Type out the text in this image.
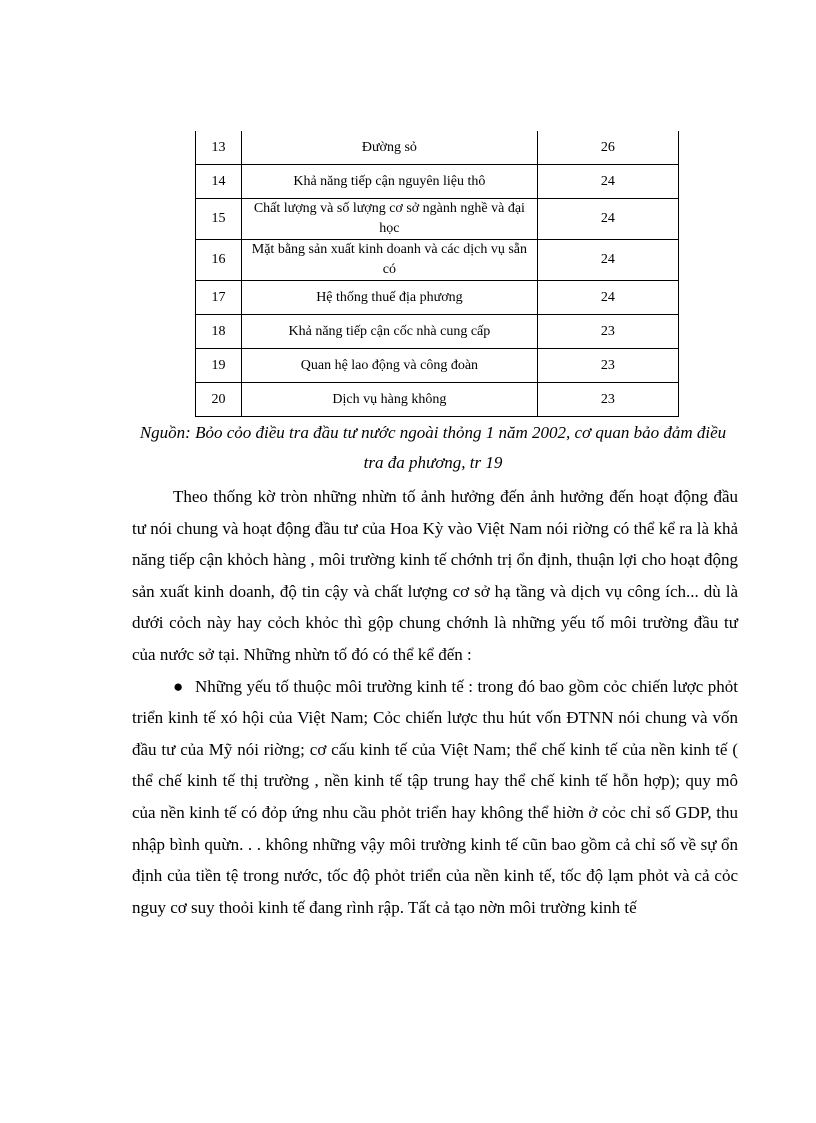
13	Đường sỏ	26
14	Khả năng tiếp cận nguyên liệu thô	24
15	Chất lượng và số lượng cơ sở ngành nghề và đại học	24
16	Mặt bằng sản xuất kinh doanh và các dịch vụ sẵn có	24
17	Hệ thống thuế địa phương	24
18	Khả năng tiếp cận cốc nhà cung cấp	23
19	Quan hệ lao động và công đoàn	23
20	Dịch vụ hàng không	23
Nguồn: Bỏo cỏo điều tra đầu tư nước ngoài thỏng 1 năm 2002, cơ quan bảo đảm điều tra đa phương, tr 19

Theo thống kờ tròn những nhừn tố ảnh hưởng đến ảnh hưởng đến hoạt động đầu tư nói chung và hoạt động đầu tư của Hoa Kỳ vào Việt Nam nói riờng có thể kể ra là khả năng tiếp cận khỏch hàng , môi trường kinh tế chớnh trị ổn định, thuận lợi cho hoạt động sản xuất kinh doanh, độ tin cậy và chất lượng cơ sở hạ tầng và dịch vụ công ích... dù là dưới cỏch này hay cỏch khỏc thì gộp chung chớnh là những yếu tố môi trường đầu tư của nước sở tại. Những nhừn tố đó có thể kể đến :

● Những yếu tố thuộc môi trường kinh tế : trong đó bao gồm cỏc chiến lược phỏt triển kinh tế xó hội của Việt Nam; Cỏc chiến lược thu hút vốn ĐTNN nói chung và vốn đầu tư của Mỹ nói riờng; cơ cấu kinh tế của Việt Nam; thể chế kinh tế của nền kinh tế ( thể chế kinh tế thị trường , nền kinh tế tập trung hay thể chế kinh tế hỗn hợp); quy mô của nền kinh tế có đỏp ứng nhu cầu phỏt triển hay không thể hiờn ở cỏc chỉ số GDP, thu nhập bình quừn. . . không những vậy môi trường kinh tế cũn bao gồm cả chỉ số về sự ổn định của tiền tệ trong nước, tốc độ phỏt triển của nền kinh tế, tốc độ lạm phỏt và cả cỏc nguy cơ suy thoỏi kinh tế đang rình rập. Tất cả tạo nờn môi trường kinh tế
